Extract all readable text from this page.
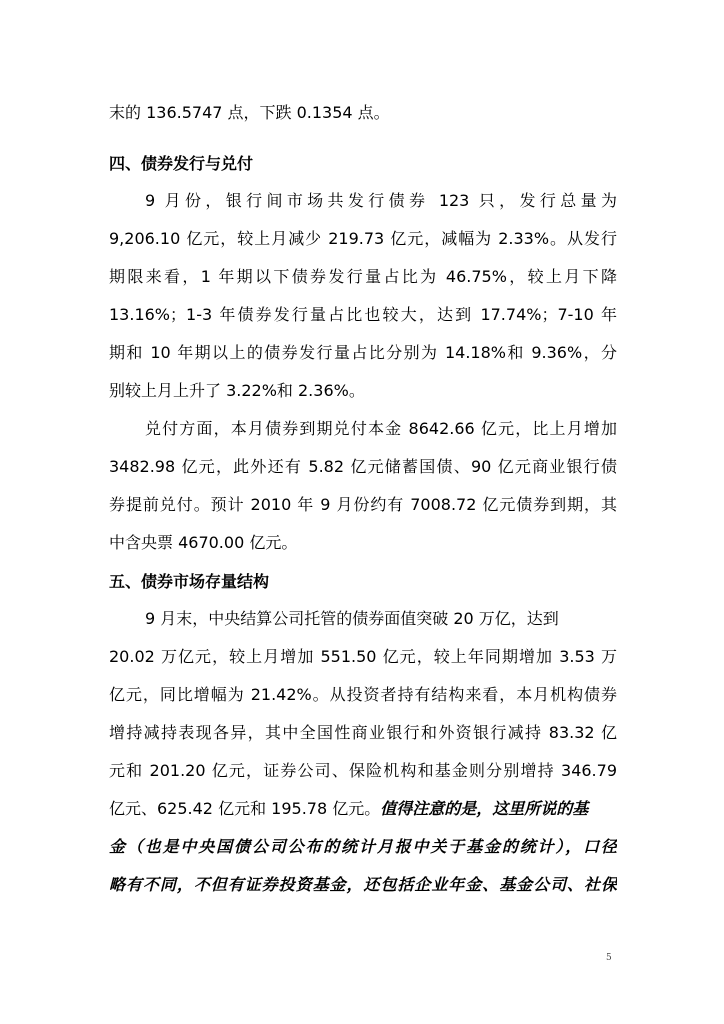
末的 136.5747 点，下跌 0.1354 点。
四、债券发行与兑付
9 月份，银行间市场共发行债券 123 只，发行总量为
9,206.10 亿元，较上月减少 219.73 亿元，减幅为 2.33%。从发行
期限来看，1 年期以下债券发行量占比为 46.75%，较上月下降
13.16%；1-3 年债券发行量占比也较大，达到 17.74%；7-10 年
期和 10 年期以上的债券发行量占比分别为 14.18%和 9.36%，分
别较上月上升了 3.22%和 2.36%。
兑付方面，本月债券到期兑付本金 8642.66 亿元，比上月增加
3482.98 亿元，此外还有 5.82 亿元储蓄国债、90 亿元商业银行债
券提前兑付。预计 2010 年 9 月份约有 7008.72 亿元债券到期，其
中含央票 4670.00 亿元。
五、债券市场存量结构
9 月末，中央结算公司托管的债券面值突破 20 万亿，达到
20.02 万亿元，较上月增加 551.50 亿元，较上年同期增加 3.53 万
亿元，同比增幅为 21.42%。从投资者持有结构来看，本月机构债券
增持减持表现各异，其中全国性商业银行和外资银行减持 83.32 亿
元和 201.20 亿元，证券公司、保险机构和基金则分别增持 346.79
亿元、625.42 亿元和 195.78 亿元。值得注意的是，这里所说的基
金（也是中央国债公司公布的统计月报中关于基金的统计），口径
略有不同，不但有证券投资基金，还包括企业年金、基金公司、社保
5
